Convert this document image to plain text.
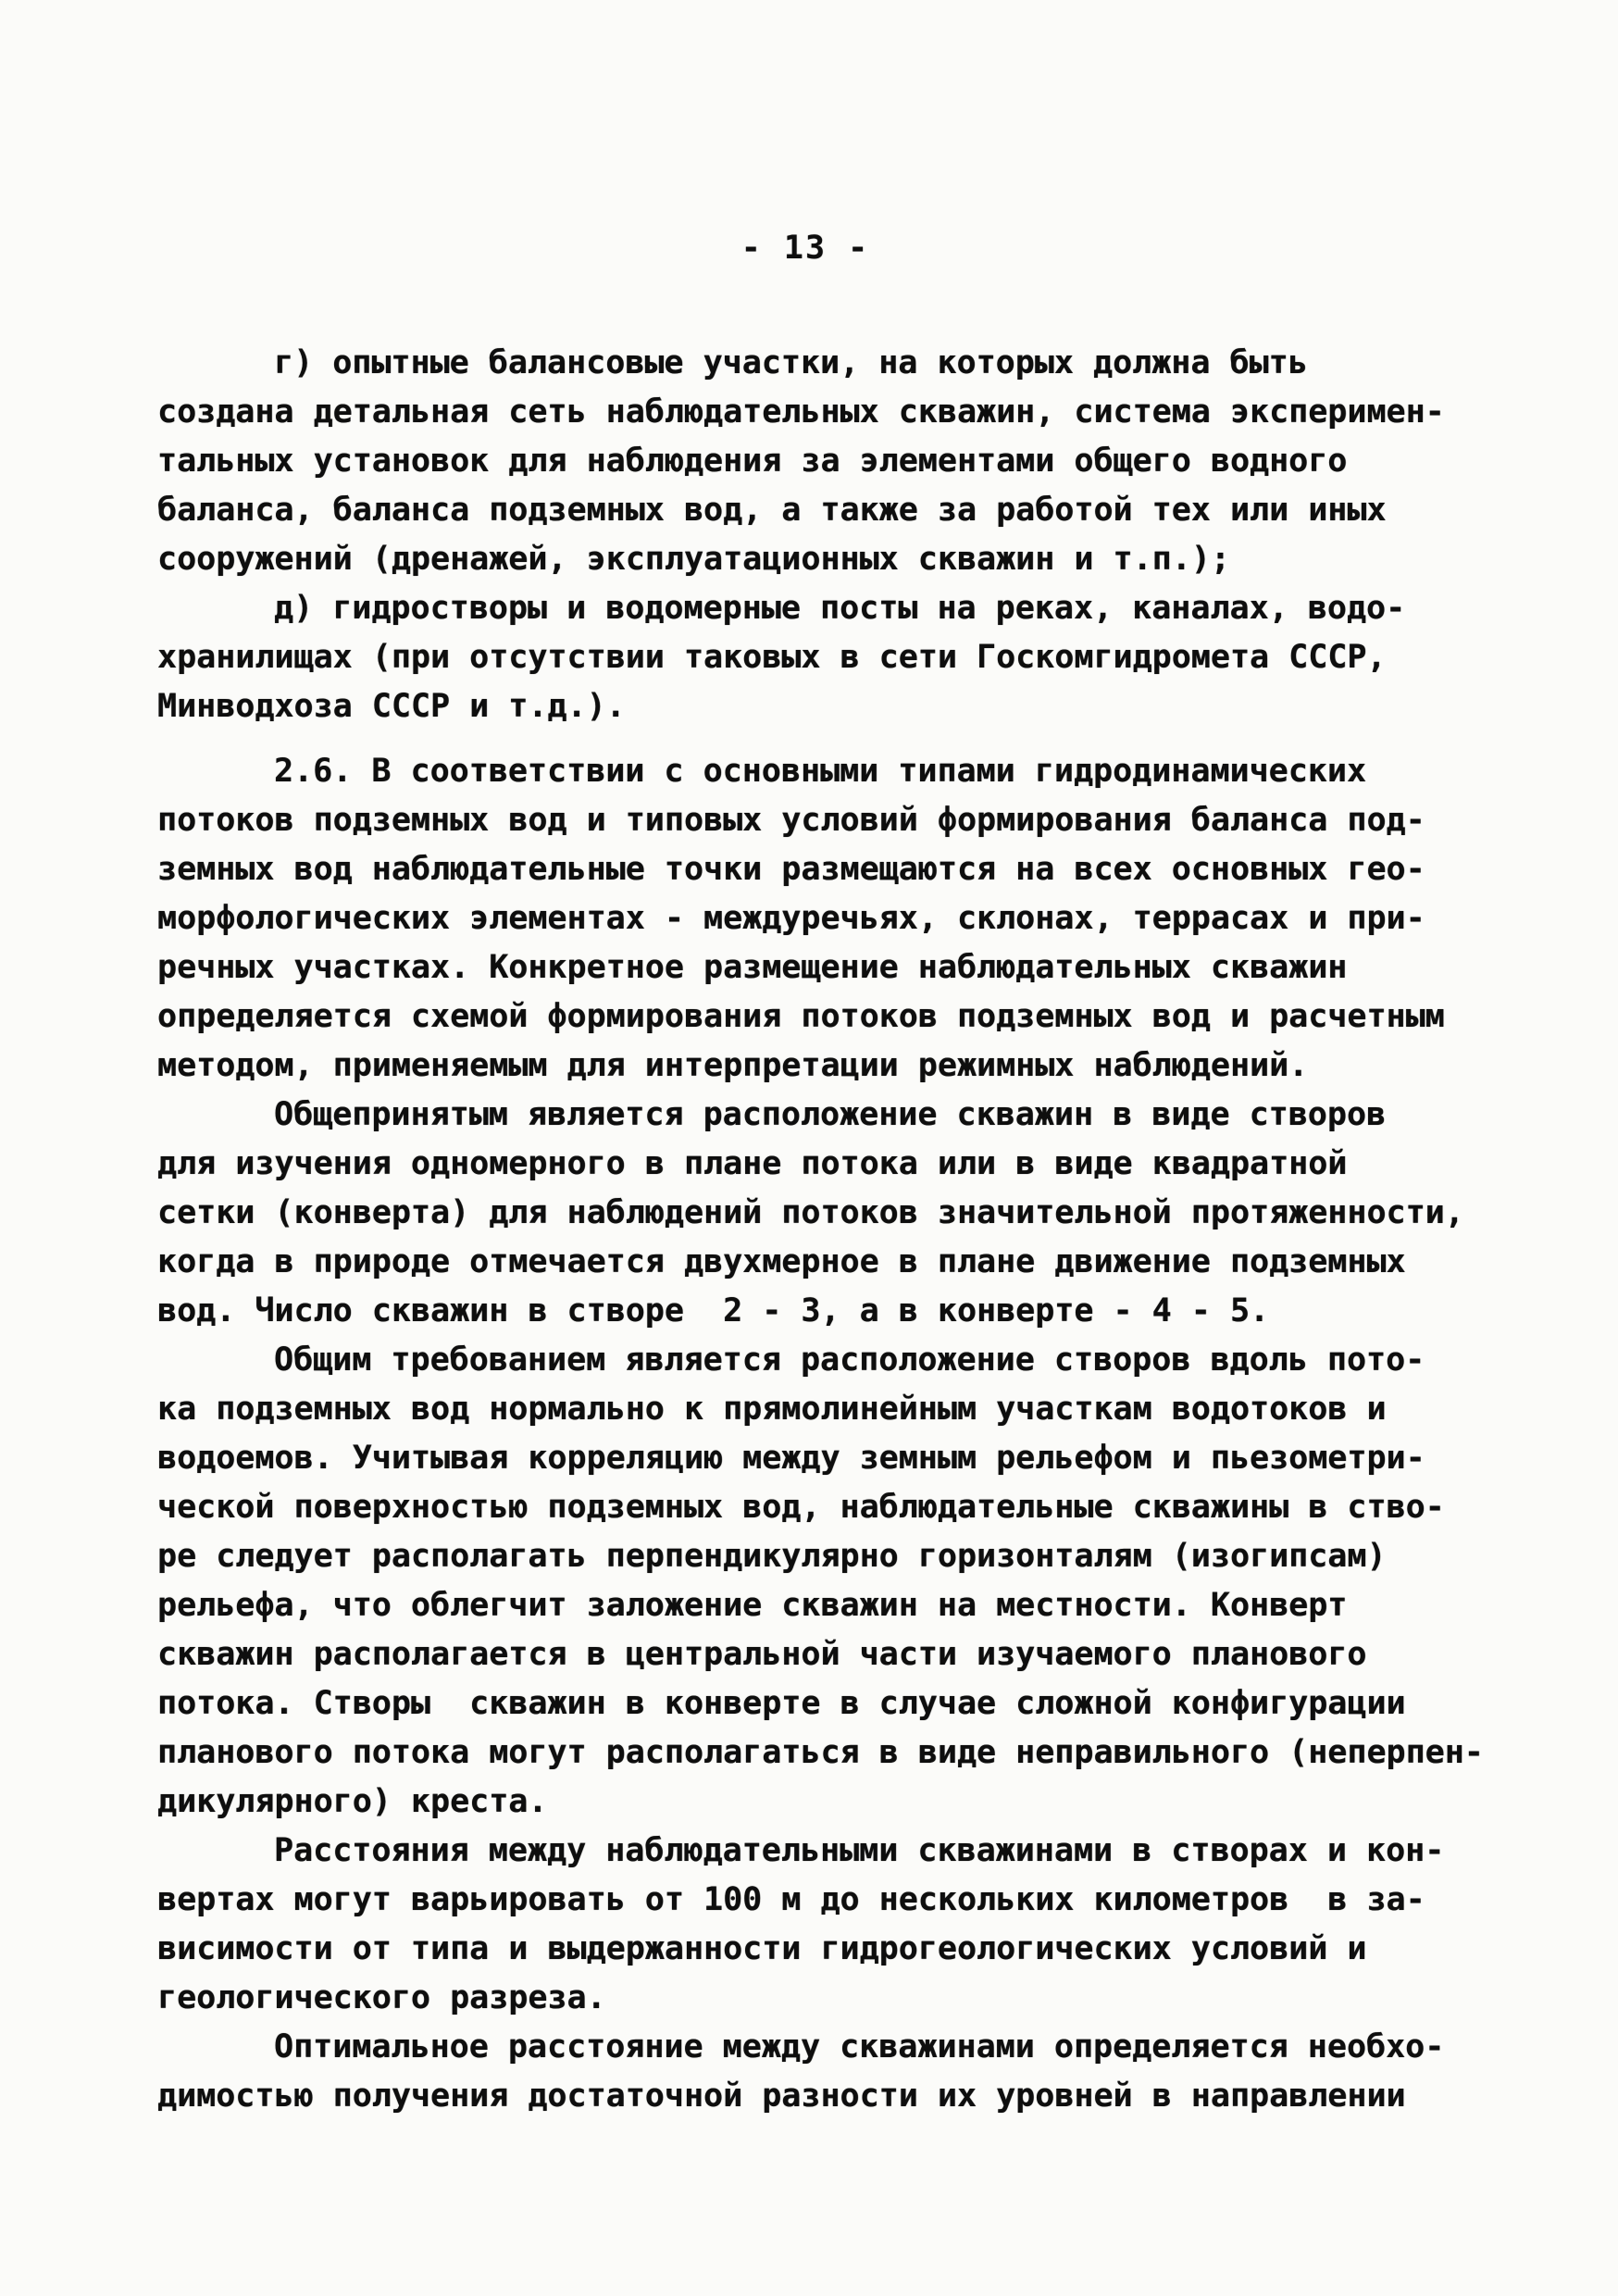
- 13 -
г) опытные балансовые участки, на которых должна быть
создана детальная сеть наблюдательных скважин, система эксперимен-
тальных установок для наблюдения за элементами общего водного
баланса, баланса подземных вод, а также за работой тех или иных
сооружений (дренажей, эксплуатационных скважин и т.п.);
д) гидростворы и водомерные посты на реках, каналах, водо-
хранилищах (при отсутствии таковых в сети Госкомгидромета СССР,
Минводхоза СССР и т.д.).
2.6. В соответствии с основными типами гидродинамических
потоков подземных вод и типовых условий формирования баланса под-
земных вод наблюдательные точки размещаются на всех основных гео-
морфологических элементах - междуречьях, склонах, террасах и при-
речных участках. Конкретное размещение наблюдательных скважин
определяется схемой формирования потоков подземных вод и расчетным
методом, применяемым для интерпретации режимных наблюдений.
Общепринятым является расположение скважин в виде створов
для изучения одномерного в плане потока или в виде квадратной
сетки (конверта) для наблюдений потоков значительной протяженности,
когда в природе отмечается двухмерное в плане движение подземных
вод. Число скважин в створе  2 - 3, а в конверте - 4 - 5.
Общим требованием является расположение створов вдоль пото-
ка подземных вод нормально к прямолинейным участкам водотоков и
водоемов. Учитывая корреляцию между земным рельефом и пьезометри-
ческой поверхностью подземных вод, наблюдательные скважины в ство-
ре следует располагать перпендикулярно горизонталям (изогипсам)
рельефа, что облегчит заложение скважин на местности. Конверт
скважин располагается в центральной части изучаемого планового
потока. Створы  скважин в конверте в случае сложной конфигурации
планового потока могут располагаться в виде неправильного (неперпен-
дикулярного) креста.
Расстояния между наблюдательными скважинами в створах и кон-
вертах могут варьировать от 100 м до нескольких километров  в за-
висимости от типа и выдержанности гидрогеологических условий и
геологического разреза.
Оптимальное расстояние между скважинами определяется необхо-
димостью получения достаточной разности их уровней в направлении
